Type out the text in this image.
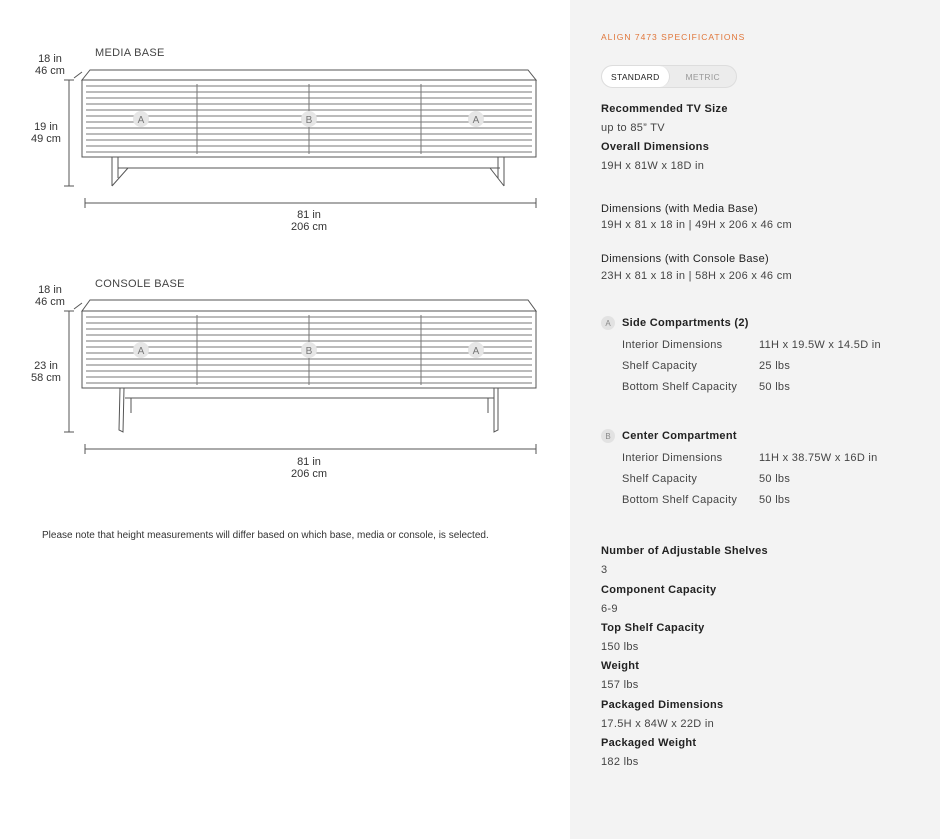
A	B	A
MEDIA BASE
18 in
46 cm
19 in
49 cm
81 in
206 cm
A	B	A
CONSOLE BASE
18 in
46 cm
23 in
58 cm
81 in
206 cm
Please note that height measurements will differ based on which base, media or console, is selected.
ALIGN 7473 SPECIFICATIONS
STANDARD	METRIC
Recommended TV Size
up to 85” TV
Overall Dimensions
19H x 81W x 18D in
Dimensions (with Media Base)
19H x 81 x 18 in | 49H x 206 x 46 cm
Dimensions (with Console Base)
23H x 81 x 18 in | 58H x 206 x 46 cm
A	Side Compartments (2)
Interior Dimensions	11H x 19.5W x 14.5D in
Shelf Capacity	25 lbs
Bottom Shelf Capacity	50 lbs
B	Center Compartment
Interior Dimensions	11H x 38.75W x 16D in
Shelf Capacity	50 lbs
Bottom Shelf Capacity	50 lbs
Number of Adjustable Shelves
3
Component Capacity
6-9
Top Shelf Capacity
150 lbs
Weight
157 lbs
Packaged Dimensions
17.5H x 84W x 22D in
Packaged Weight
182 lbs
